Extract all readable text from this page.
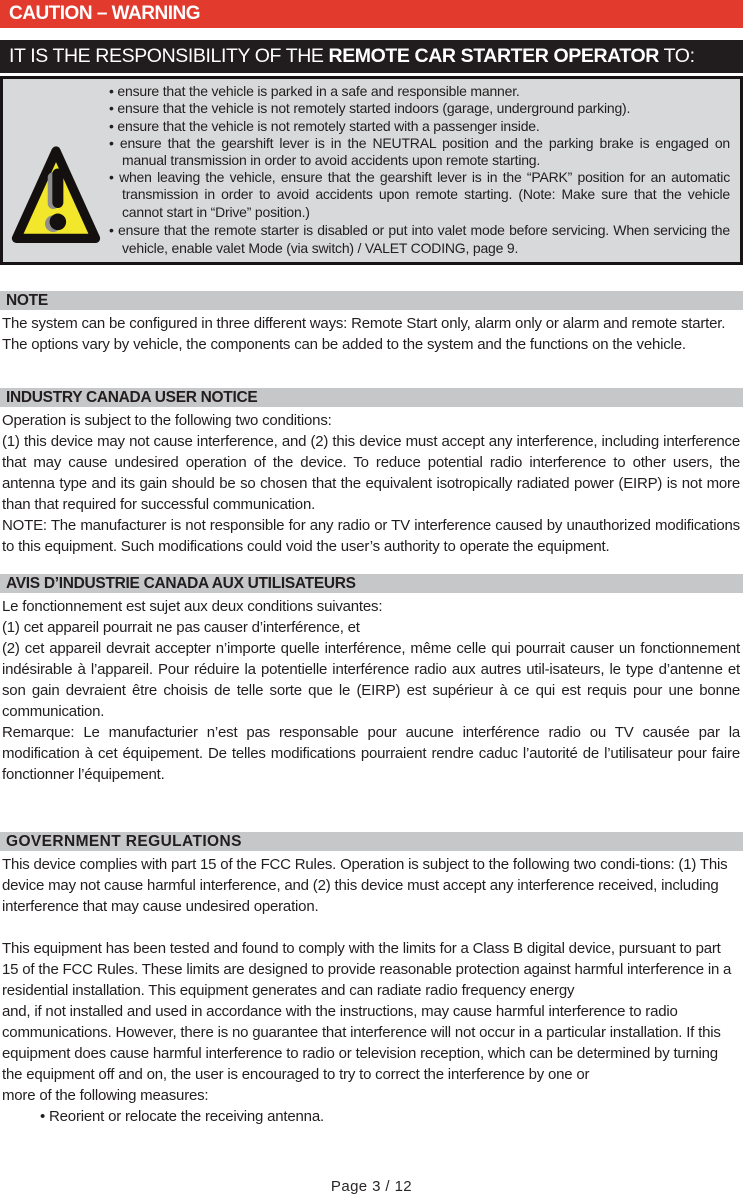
CAUTION – WARNING
IT IS THE RESPONSIBILITY OF THE REMOTE CAR STARTER OPERATOR TO:
• ensure that the vehicle is parked in a safe and responsible manner.
• ensure that the vehicle is not remotely started indoors (garage, underground parking).
• ensure that the vehicle is not remotely started with a passenger inside.
• ensure that the gearshift lever is in the NEUTRAL position and the parking brake is engaged on manual transmission in order to avoid accidents upon remote starting.
• when leaving the vehicle, ensure that the gearshift lever is in the “PARK” position for an automatic transmission in order to avoid accidents upon remote starting. (Note: Make sure that the vehicle cannot start in “Drive” position.)
• ensure that the remote starter is disabled or put into valet mode before servicing. When servicing the vehicle, enable valet Mode (via switch) / VALET CODING, page 9.
NOTE

The system can be configured in three different ways: Remote Start only, alarm only or alarm and remote starter.

The options vary by vehicle, the components can be added to the system and the functions on the vehicle.

INDUSTRY CANADA USER NOTICE

Operation is subject to the following two conditions:

(1) this device may not cause interference, and (2) this device must accept any interference, including interference that may cause undesired operation of the device. To reduce potential radio interference to other users, the antenna type and its gain should be so chosen that the equivalent isotropically radiated power (EIRP) is not more than that required for successful communication.

NOTE: The manufacturer is not responsible for any radio or TV interference caused by unauthorized modifications to this equipment. Such modifications could void the user’s authority to operate the equipment.

AVIS D’INDUSTRIE CANADA AUX UTILISATEURS

Le fonctionnement est sujet aux deux conditions suivantes:

(1) cet appareil pourrait ne pas causer d’interférence, et

(2) cet appareil devrait accepter n’importe quelle interférence, même celle qui pourrait causer un fonctionnement indésirable à l’appareil. Pour réduire la potentielle interférence radio aux autres util-isateurs, le type d’antenne et son gain devraient être choisis de telle sorte que le (EIRP) est supérieur à ce qui est requis pour une bonne communication.

Remarque: Le manufacturier n’est pas responsable pour aucune interférence radio ou TV causée par la modification à cet équipement. De telles modifications pourraient rendre caduc l’autorité de l’utilisateur pour faire fonctionner l’équipement.

GOVERNMENT REGULATIONS

This device complies with part 15 of the FCC Rules. Operation is subject to the following two condi-tions: (1) This device may not cause harmful interference, and (2) this device must accept any interference received, including interference that may cause undesired operation.

This equipment has been tested and found to comply with the limits for a Class B digital device, pursuant to part 15 of the FCC Rules. These limits are designed to provide reasonable protection against harmful interference in a residential installation. This equipment generates and can radiate radio frequency energy

and, if not installed and used in accordance with the instructions, may cause harmful interference to radio communications. However, there is no guarantee that interference will not occur in a particular installation. If this equipment does cause harmful interference to radio or television reception, which can be determined by turning the equipment off and on, the user is encouraged to try to correct the interference by one or

more of the following measures:

• Reorient or relocate the receiving antenna.
Page 3 / 12
